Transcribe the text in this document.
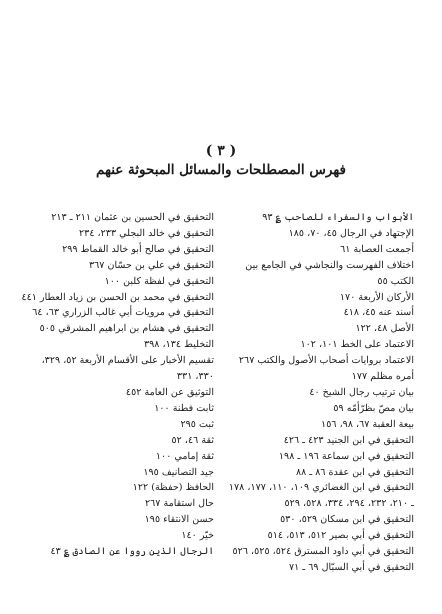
( ٣ )
فهرس المصطلحات والمسائل المبحوثة عنهم
الأبواب والسفراء للصاحب ؏ ٩٣
الإجتهاد في الرجال ٤٥، ٧٠، ١٨٥
أجمعت العصابة ٦١
اختلاف الفهرست والنجاشي في الجامع بين الكتب ٥٥
الأركان الأربعة ١٧٠
أسند عنه ٤٥، ٤١٨
الأصل ٤٨، ١٢٢
الاعتماد على الخط ١٠١، ١٠٢
الاعتماد بروايات أصحاب الأصول والكتب ٢٦٧
أمره مظلم ١٧٧
بيان ترتيب رجال الشيخ ٤٠
بيان مصّ بظرّأمّه ٥٩
بيعة العقبة ٦٧، ٩٨، ١٥٦
التحقيق في ابن الجنيد ٤٢٣ ـ ٤٢٦
التحقيق في ابن سماعة ١٩٦ ـ ١٩٨
التحقيق في ابن عقدة ٨٦ ـ ٨٨
التحقيق في ابن الغضائري ١٠٩، ١١٠، ١٧٧، ١٧٨ ـ ٢١٠، ٢٣٢، ٢٩٤، ٣٣٤، ٥٢٨، ٥٢٩
التحقيق في ابن مسكان ٥٢٩، ٥٣٠
التحقيق في أبي بصير ٥١٢، ٥١٣، ٥١٤
التحقيق في أبي داود المسترق ٥٢٤، ٥٢٥، ٥٢٦
التحقيق في أبي السبّال ٦٩ ـ ٧١
التحقيق في الحسين بن عثمان ٢١١ ـ ٢١٣
التحقيق في خالد البجلي ٢٣٣، ٢٣٤
التحقيق في صالح أبو خالد القماط ٢٩٩
التحقيق في علي بن حسّان ٣٦٧
التحقيق في لفظة كلبن ١٠٠
التحقيق في محمد بن الحسن بن زياد العطار ٤٤١
التحقيق في مرويات أبي غالب الزراري ٦٣، ٦٤
التحقيق في هشام بن ابراهيم المشرقي ٥٠٥
التخليط ١٣٤، ٣٩٨
تقسيم الأخبار على الأقسام الأربعة ٥٢، ٣٢٩، ٣٣٠، ٣٣١
التوثيق عن العامة ٤٥٢
ثابت فطنة ١٠٠
ثبت ٢٩٥
ثقة ٤٦، ٥٢
ثقة إمامي ١٠٠
جيد التصانيف ١٩٥
الحافظ (حفظة) ١٢٢
حال استقامة ٢٦٧
حسن الانتقاء ١٩٥
خيّر ١٤٠
الرجال الذين رووا عن الصادق ؏ ٤٣
